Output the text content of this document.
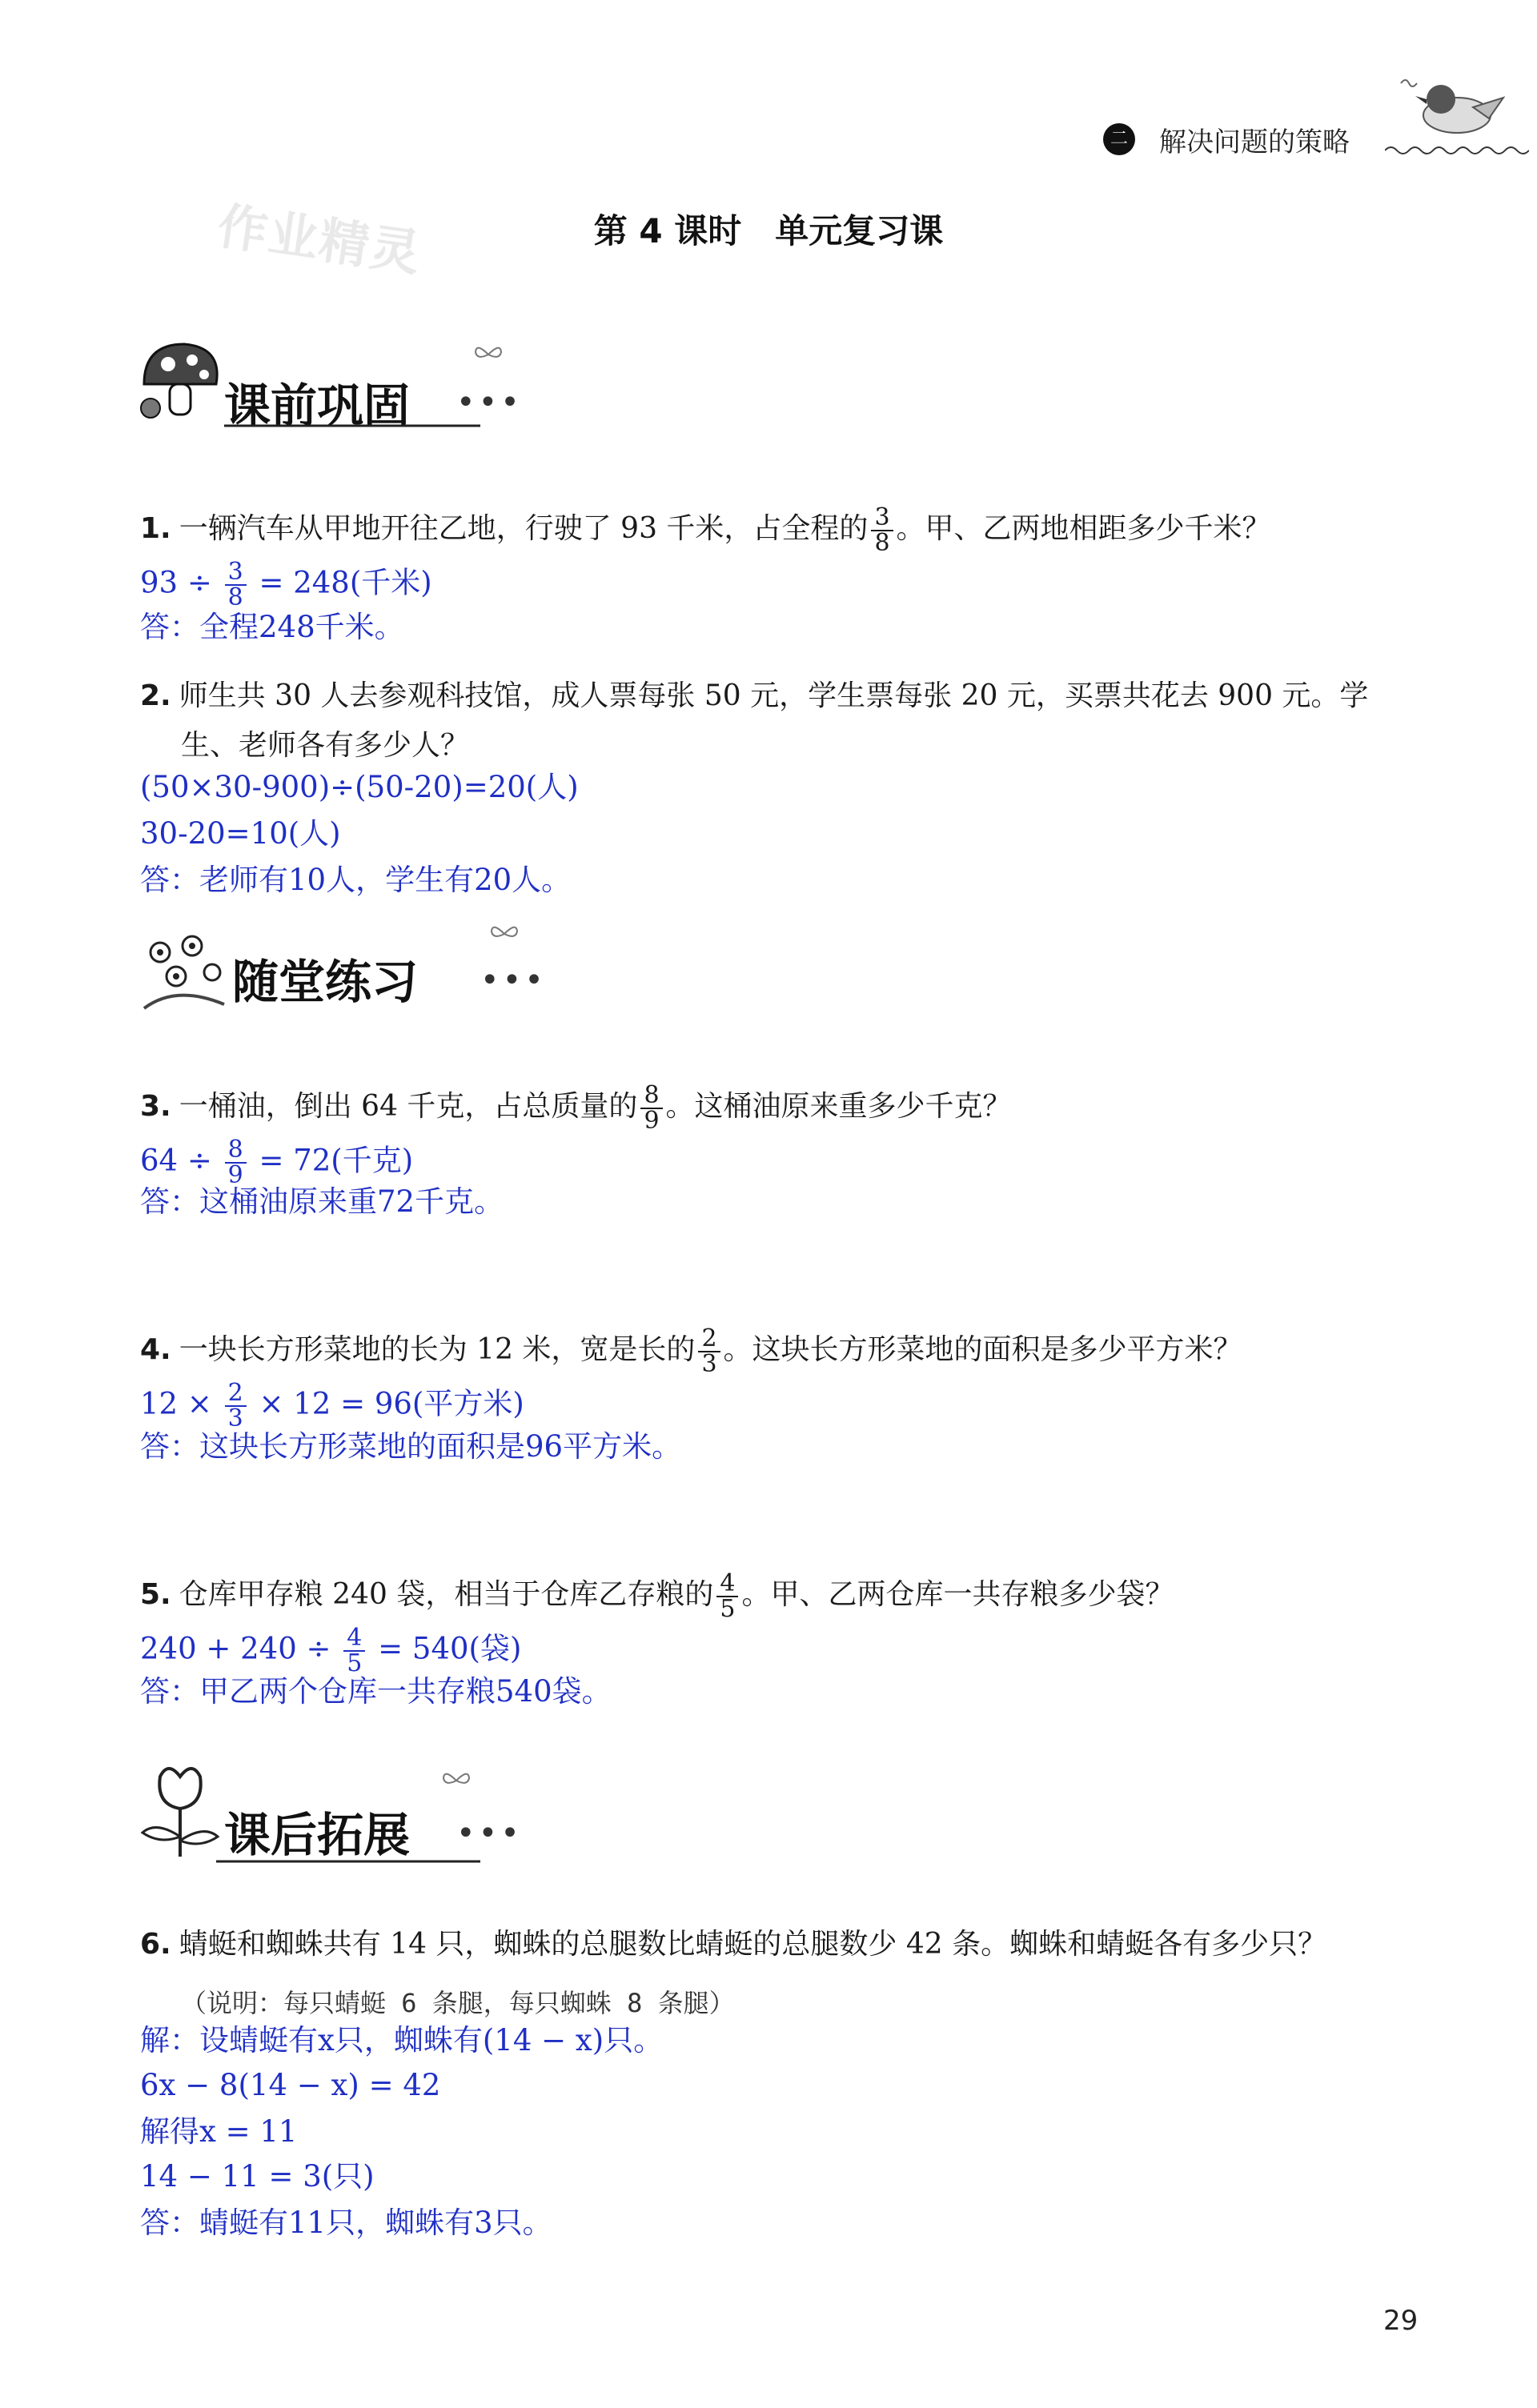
二 解决问题的策略
作业精灵	第 4 课时　单元复习课
课前巩固 •••
1. 一辆汽车从甲地开往乙地，行驶了 93 千米，占全程的 $\frac{3}{8}$ 。甲、乙两地相距多少千米？
$93 \div \frac{3}{8} = 248$(千米)
答：全程248千米。
2. 师生共 30 人去参观科技馆，成人票每张 50 元，学生票每张 20 元，买票共花去 900 元。学
生、老师各有多少人？
(50×30-900)÷(50-20)=20(人)
30-20=10(人)
答：老师有10人，学生有20人。
随堂练习 •••
3. 一桶油，倒出 64 千克，占总质量的 $\frac{8}{9}$ 。这桶油原来重多少千克？
$64 \div \frac{8}{9} = 72$(千克)
答：这桶油原来重72千克。
4. 一块长方形菜地的长为 12 米，宽是长的 $\frac{2}{3}$ 。这块长方形菜地的面积是多少平方米？
$12 \times \frac{2}{3} \times 12 = 96$(平方米)
答：这块长方形菜地的面积是96平方米。
5. 仓库甲存粮 240 袋，相当于仓库乙存粮的 $\frac{4}{5}$ 。甲、乙两仓库一共存粮多少袋？
$240 + 240 \div \frac{4}{5} = 540$(袋)
答：甲乙两个仓库一共存粮540袋。
课后拓展 •••
6. 蜻蜓和蜘蛛共有 14 只，蜘蛛的总腿数比蜻蜓的总腿数少 42 条。蜘蛛和蜻蜓各有多少只？
（说明：每只蜻蜓 6 条腿，每只蜘蛛 8 条腿）
解：设蜻蜓有x只，蜘蛛有(14 − x)只。
6x − 8(14 − x) = 42
解得x = 11
14 − 11 = 3(只)
答：蜻蜓有11只，蜘蛛有3只。
29
